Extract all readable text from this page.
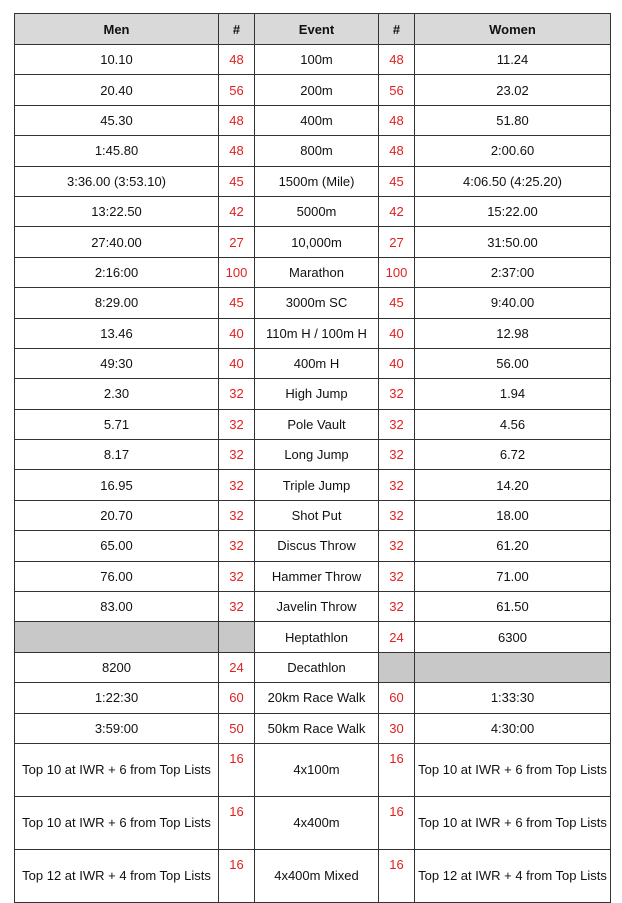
Men	#	Event	#	Women
10.10	48	100m	48	11.24
20.40	56	200m	56	23.02
45.30	48	400m	48	51.80
1:45.80	48	800m	48	2:00.60
3:36.00 (3:53.10)	45	1500m (Mile)	45	4:06.50 (4:25.20)
13:22.50	42	5000m	42	15:22.00
27:40.00	27	10,000m	27	31:50.00
2:16:00	100	Marathon	100	2:37:00
8:29.00	45	3000m SC	45	9:40.00
13.46	40	110m H / 100m H	40	12.98
49:30	40	400m H	40	56.00
2.30	32	High Jump	32	1.94
5.71	32	Pole Vault	32	4.56
8.17	32	Long Jump	32	6.72
16.95	32	Triple Jump	32	14.20
20.70	32	Shot Put	32	18.00
65.00	32	Discus Throw	32	61.20
76.00	32	Hammer Throw	32	71.00
83.00	32	Javelin Throw	32	61.50
		Heptathlon	24	6300
8200	24	Decathlon		
1:22:30	60	20km Race Walk	60	1:33:30
3:59:00	50	50km Race Walk	30	4:30:00
Top 10 at IWR + 6 from Top Lists	16	4x100m	16	Top 10 at IWR + 6 from Top Lists
Top 10 at IWR + 6 from Top Lists	16	4x400m	16	Top 10 at IWR + 6 from Top Lists
Top 12 at IWR + 4 from Top Lists	16	4x400m Mixed	16	Top 12 at IWR + 4 from Top Lists
